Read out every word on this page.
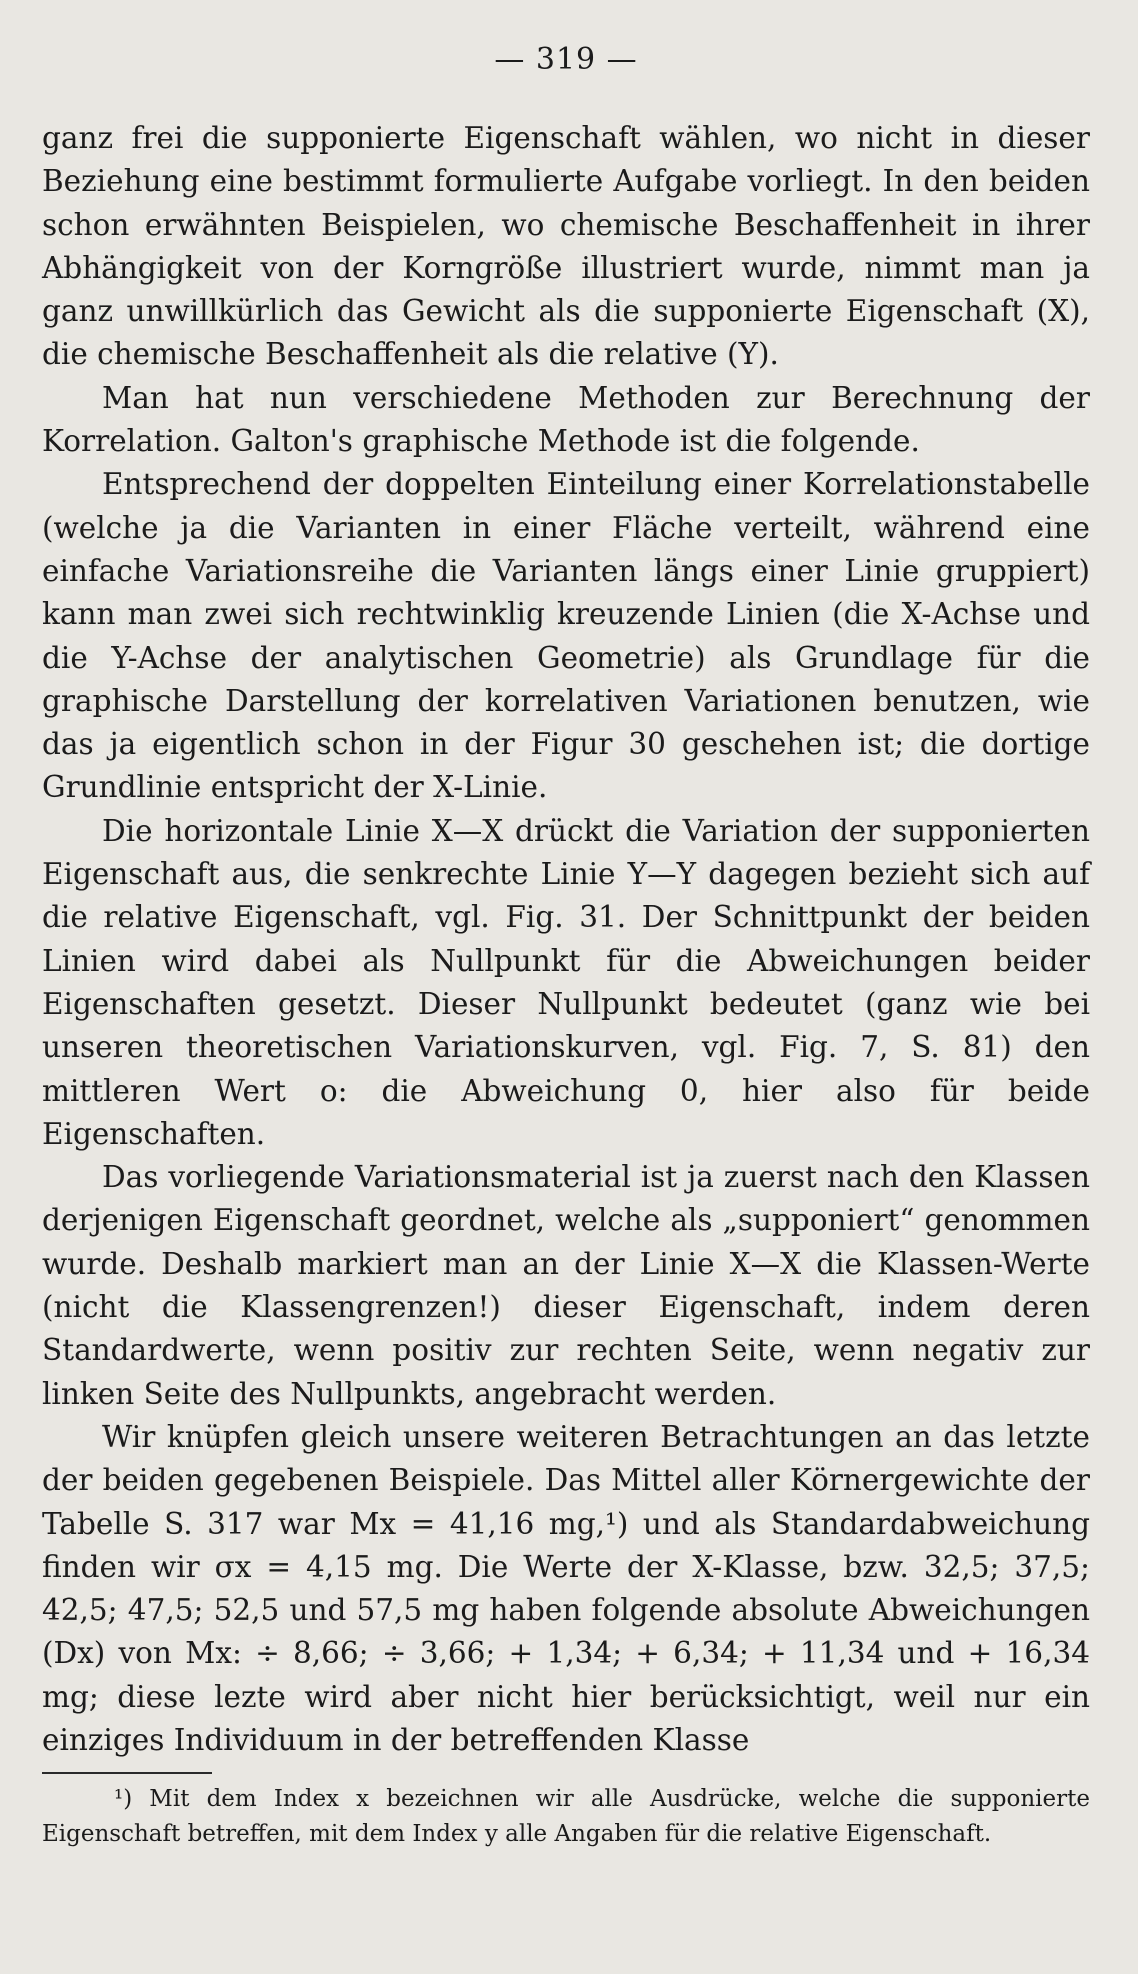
— 319 —

ganz frei die supponierte Eigenschaft wählen, wo nicht in dieser Beziehung eine bestimmt formulierte Aufgabe vorliegt. In den beiden schon erwähnten Beispielen, wo chemische Beschaffenheit in ihrer Abhängigkeit von der Korngröße illustriert wurde, nimmt man ja ganz unwillkürlich das Gewicht als die supponierte Eigenschaft (X), die chemische Beschaffenheit als die relative (Y).

Man hat nun verschiedene Methoden zur Berechnung der Korrelation. Galton's graphische Methode ist die folgende.

Entsprechend der doppelten Einteilung einer Korrelationstabelle (welche ja die Varianten in einer Fläche verteilt, während eine einfache Variationsreihe die Varianten längs einer Linie gruppiert) kann man zwei sich rechtwinklig kreuzende Linien (die X-Achse und die Y-Achse der analytischen Geometrie) als Grundlage für die graphische Darstellung der korrelativen Variationen benutzen, wie das ja eigentlich schon in der Figur 30 geschehen ist; die dortige Grundlinie entspricht der X-Linie.

Die horizontale Linie X—X drückt die Variation der supponierten Eigenschaft aus, die senkrechte Linie Y—Y dagegen bezieht sich auf die relative Eigenschaft, vgl. Fig. 31. Der Schnittpunkt der beiden Linien wird dabei als Nullpunkt für die Abweichungen beider Eigenschaften gesetzt. Dieser Nullpunkt bedeutet (ganz wie bei unseren theoretischen Variationskurven, vgl. Fig. 7, S. 81) den mittleren Wert o: die Abweichung 0, hier also für beide Eigenschaften.

Das vorliegende Variationsmaterial ist ja zuerst nach den Klassen derjenigen Eigenschaft geordnet, welche als „supponiert“ genommen wurde. Deshalb markiert man an der Linie X—X die Klassen-Werte (nicht die Klassengrenzen!) dieser Eigenschaft, indem deren Standardwerte, wenn positiv zur rechten Seite, wenn negativ zur linken Seite des Nullpunkts, angebracht werden.

Wir knüpfen gleich unsere weiteren Betrachtungen an das letzte der beiden gegebenen Beispiele. Das Mittel aller Körnergewichte der Tabelle S. 317 war Mx = 41,16 mg,¹) und als Standardabweichung finden wir σx = 4,15 mg. Die Werte der X-Klasse, bzw. 32,5; 37,5; 42,5; 47,5; 52,5 und 57,5 mg haben folgende absolute Abweichungen (Dx) von Mx: ÷ 8,66; ÷ 3,66; + 1,34; + 6,34; + 11,34 und + 16,34 mg; diese lezte wird aber nicht hier berücksichtigt, weil nur ein einziges Individuum in der betreffenden Klasse

¹) Mit dem Index x bezeichnen wir alle Ausdrücke, welche die supponierte Eigenschaft betreffen, mit dem Index y alle Angaben für die relative Eigenschaft.
